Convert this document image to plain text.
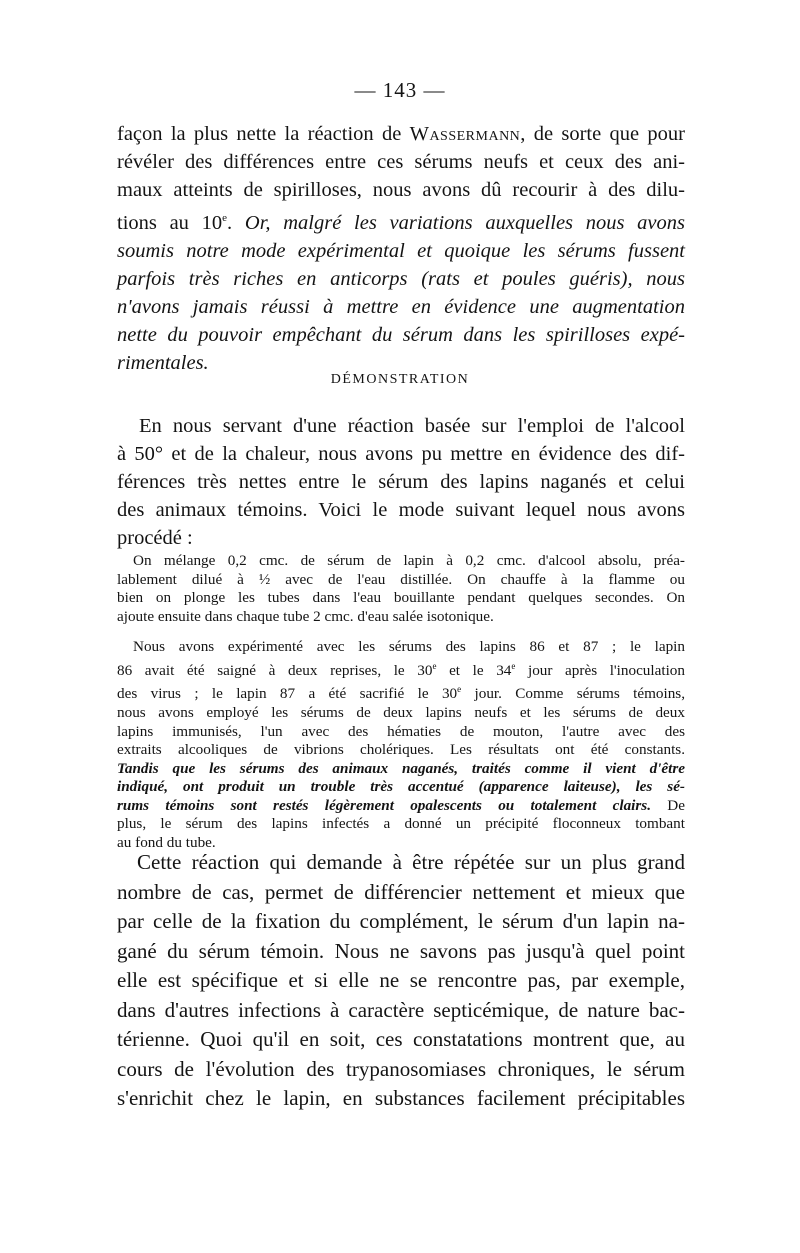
— 143 —

façon la plus nette la réaction de Wassermann, de sorte que pour
révéler des différences entre ces sérums neufs et ceux des ani-
maux atteints de spirilloses, nous avons dû recourir à des dilu-
tions au 10e. Or, malgré les variations auxquelles nous avons
soumis notre mode expérimental et quoique les sérums fussent
parfois très riches en anticorps (rats et poules guéris), nous
n'avons jamais réussi à mettre en évidence une augmentation
nette du pouvoir empêchant du sérum dans les spirilloses expé-
rimentales.

DÉMONSTRATION

En nous servant d'une réaction basée sur l'emploi de l'alcool
à 50° et de la chaleur, nous avons pu mettre en évidence des dif-
férences très nettes entre le sérum des lapins naganés et celui
des animaux témoins. Voici le mode suivant lequel nous avons
procédé :

On mélange 0,2 cmc. de sérum de lapin à 0,2 cmc. d'alcool absolu, préa-
lablement dilué à ½ avec de l'eau distillée. On chauffe à la flamme ou
bien on plonge les tubes dans l'eau bouillante pendant quelques secondes. On
ajoute ensuite dans chaque tube 2 cmc. d'eau salée isotonique.

Nous avons expérimenté avec les sérums des lapins 86 et 87 ; le lapin
86 avait été saigné à deux reprises, le 30e et le 34e jour après l'inoculation
des virus ; le lapin 87 a été sacrifié le 30e jour. Comme sérums témoins,
nous avons employé les sérums de deux lapins neufs et les sérums de deux
lapins immunisés, l'un avec des hématies de mouton, l'autre avec des
extraits alcooliques de vibrions cholériques. Les résultats ont été constants.
Tandis que les sérums des animaux naganés, traités comme il vient d'être
indiqué, ont produit un trouble très accentué (apparence laiteuse), les sé-
rums témoins sont restés légèrement opalescents ou totalement clairs. De
plus, le sérum des lapins infectés a donné un précipité floconneux tombant
au fond du tube.

Cette réaction qui demande à être répétée sur un plus grand
nombre de cas, permet de différencier nettement et mieux que
par celle de la fixation du complément, le sérum d'un lapin na-
gané du sérum témoin. Nous ne savons pas jusqu'à quel point
elle est spécifique et si elle ne se rencontre pas, par exemple,
dans d'autres infections à caractère septicémique, de nature bac-
térienne. Quoi qu'il en soit, ces constatations montrent que, au
cours de l'évolution des trypanosomiases chroniques, le sérum
s'enrichit chez le lapin, en substances facilement précipitables
